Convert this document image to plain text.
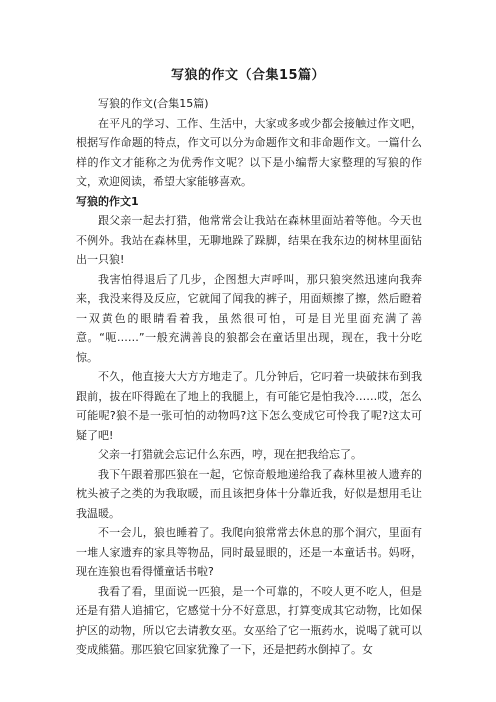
写狼的作文（合集15篇）

写狼的作文(合集15篇)

在平凡的学习、工作、生活中，大家或多或少都会接触过作文吧，根据写作命题的特点，作文可以分为命题作文和非命题作文。一篇什么样的作文才能称之为优秀作文呢？以下是小编帮大家整理的写狼的作文，欢迎阅读，希望大家能够喜欢。

写狼的作文1

跟父亲一起去打猎，他常常会让我站在森林里面站着等他。今天也不例外。我站在森林里，无聊地跺了跺脚，结果在我东边的树林里面钻出一只狼!

我害怕得退后了几步，企图想大声呼叫，那只狼突然迅速向我奔来，我没来得及反应，它就闻了闻我的裤子，用面颊擦了擦，然后瞪着一双黄色的眼睛看着我，虽然很可怕，可是目光里面充满了善意。“呃……”一般充满善良的狼都会在童话里出现，现在，我十分吃惊。

不久，他直接大大方方地走了。几分钟后，它叼着一块破抹布到我跟前，拔在吓得跪在了地上的我腿上，有可能它是怕我冷……哎，怎么可能呢?狼不是一张可怕的动物吗?这下怎么变成它可怜我了呢?这太可疑了吧!

父亲一打猎就会忘记什么东西，哼，现在把我给忘了。

我下午跟着那匹狼在一起，它惊奇般地递给我了森林里被人遗弃的枕头被子之类的为我取暖，而且该把身体十分靠近我，好似是想用毛让我温暖。

不一会儿，狼也睡着了。我爬向狼常常去休息的那个洞穴，里面有一堆人家遗弃的家具等物品，同时最显眼的，还是一本童话书。妈呀，现在连狼也看得懂童话书啦?

我看了看，里面说一匹狼，是一个可靠的，不咬人更不吃人，但是还是有猎人追捕它，它感觉十分不好意思，打算变成其它动物，比如保护区的动物，所以它去请教女巫。女巫给了它一瓶药水，说喝了就可以变成熊猫。那匹狼它回家犹豫了一下，还是把药水倒掉了。女
